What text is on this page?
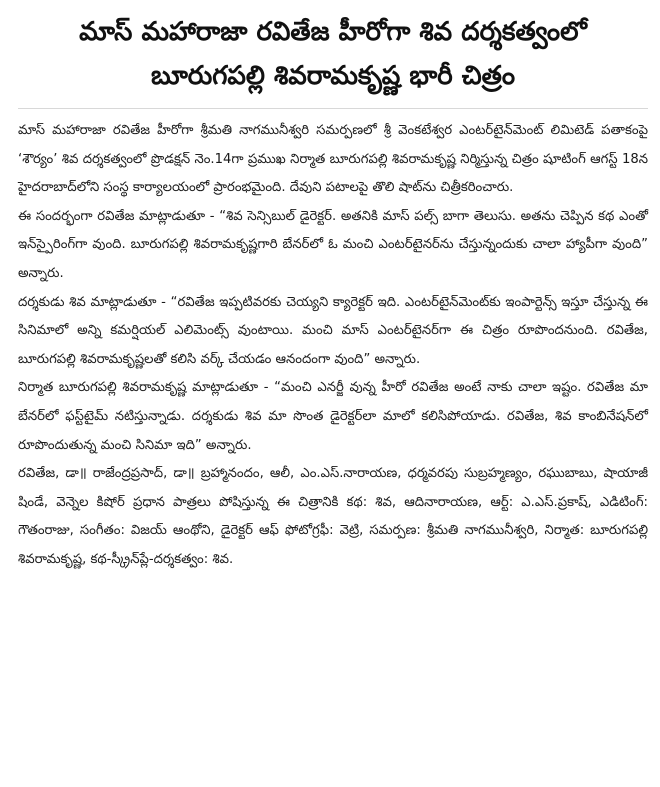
మాస్ మహారాజా రవితేజ హీరోగా శివ దర్శకత్వంలో
బూరుగపల్లి శివరామకృష్ణ భారీ చిత్రం

మాస్ మహారాజా రవితేజ హీరోగా శ్రీమతి నాగమునీశ్వరి సమర్పణలో శ్రీ వెంకటేశ్వర ఎంటర్‌టైన్‌మెంట్ లిమిటెడ్ పతాకంపై ‘శౌర్యం’ శివ దర్శకత్వంలో ప్రొడక్షన్ నెం.14గా ప్రముఖ నిర్మాత బూరుగపల్లి శివరామకృష్ణ నిర్మిస్తున్న చిత్రం షూటింగ్ ఆగస్ట్ 18న హైదరాబాద్‌లోని సంస్థ కార్యాలయంలో ప్రారంభమైంది. దేవుని పటాలపై తొలి షాట్‌ను చిత్రీకరించారు.

ఈ సందర్భంగా రవితేజ మాట్లాడుతూ - “శివ సెన్సిబుల్ డైరెక్టర్. అతనికి మాస్ పల్స్ బాగా తెలుసు. అతను చెప్పిన కథ ఎంతో ఇన్‌స్పైరింగ్‌గా వుంది. బూరుగపల్లి శివరామకృష్ణగారి బేనర్‌లో ఓ మంచి ఎంటర్‌టైనర్‌ను చేస్తున్నందుకు చాలా హ్యాపీగా వుంది” అన్నారు.

దర్శకుడు శివ మాట్లాడుతూ - “రవితేజ ఇప్పటివరకు చెయ్యని క్యారెక్టర్ ఇది. ఎంటర్‌టైన్‌మెంట్‌కు ఇంపార్టెన్స్ ఇస్తూ చేస్తున్న ఈ సినిమాలో అన్ని కమర్షియల్ ఎలిమెంట్స్ వుంటాయి. మంచి మాస్ ఎంటర్‌టైనర్‌గా ఈ చిత్రం రూపొందనుంది. రవితేజ, బూరుగపల్లి శివరామకృష్ణలతో కలిసి వర్క్ చేయడం ఆనందంగా వుంది” అన్నారు.

నిర్మాత బూరుగపల్లి శివరామకృష్ణ మాట్లాడుతూ - “మంచి ఎనర్జీ వున్న హీరో రవితేజ అంటే నాకు చాలా ఇష్టం. రవితేజ మా బేనర్‌లో ఫస్ట్‌టైమ్ నటిస్తున్నాడు. దర్శకుడు శివ మా సొంత డైరెక్టర్‌లా మాలో కలిసిపోయాడు. రవితేజ, శివ కాంబినేషన్‌లో రూపొందుతున్న మంచి సినిమా ఇది” అన్నారు.

రవితేజ, డా॥ రాజేంద్రప్రసాద్, డా॥ బ్రహ్మానందం, ఆలీ, ఎం.ఎస్.నారాయణ, ధర్మవరపు సుబ్రహ్మణ్యం, రఘుబాబు, షాయాజీ షిండే, వెన్నెల కిషోర్ ప్రధాన పాత్రలు పోషిస్తున్న ఈ చిత్రానికి కథ: శివ, ఆదినారాయణ, ఆర్ట్: ఎ.ఎస్.ప్రకాష్, ఎడిటింగ్: గౌతంరాజు, సంగీతం: విజయ్ ఆంథోని, డైరెక్టర్ ఆఫ్ ఫోటోగ్రఫీ: వెట్రి, సమర్పణ: శ్రీమతి నాగమునీశ్వరి, నిర్మాత: బూరుగపల్లి శివరామకృష్ణ, కథ-స్క్రీన్‌ప్లే-దర్శకత్వం: శివ.
